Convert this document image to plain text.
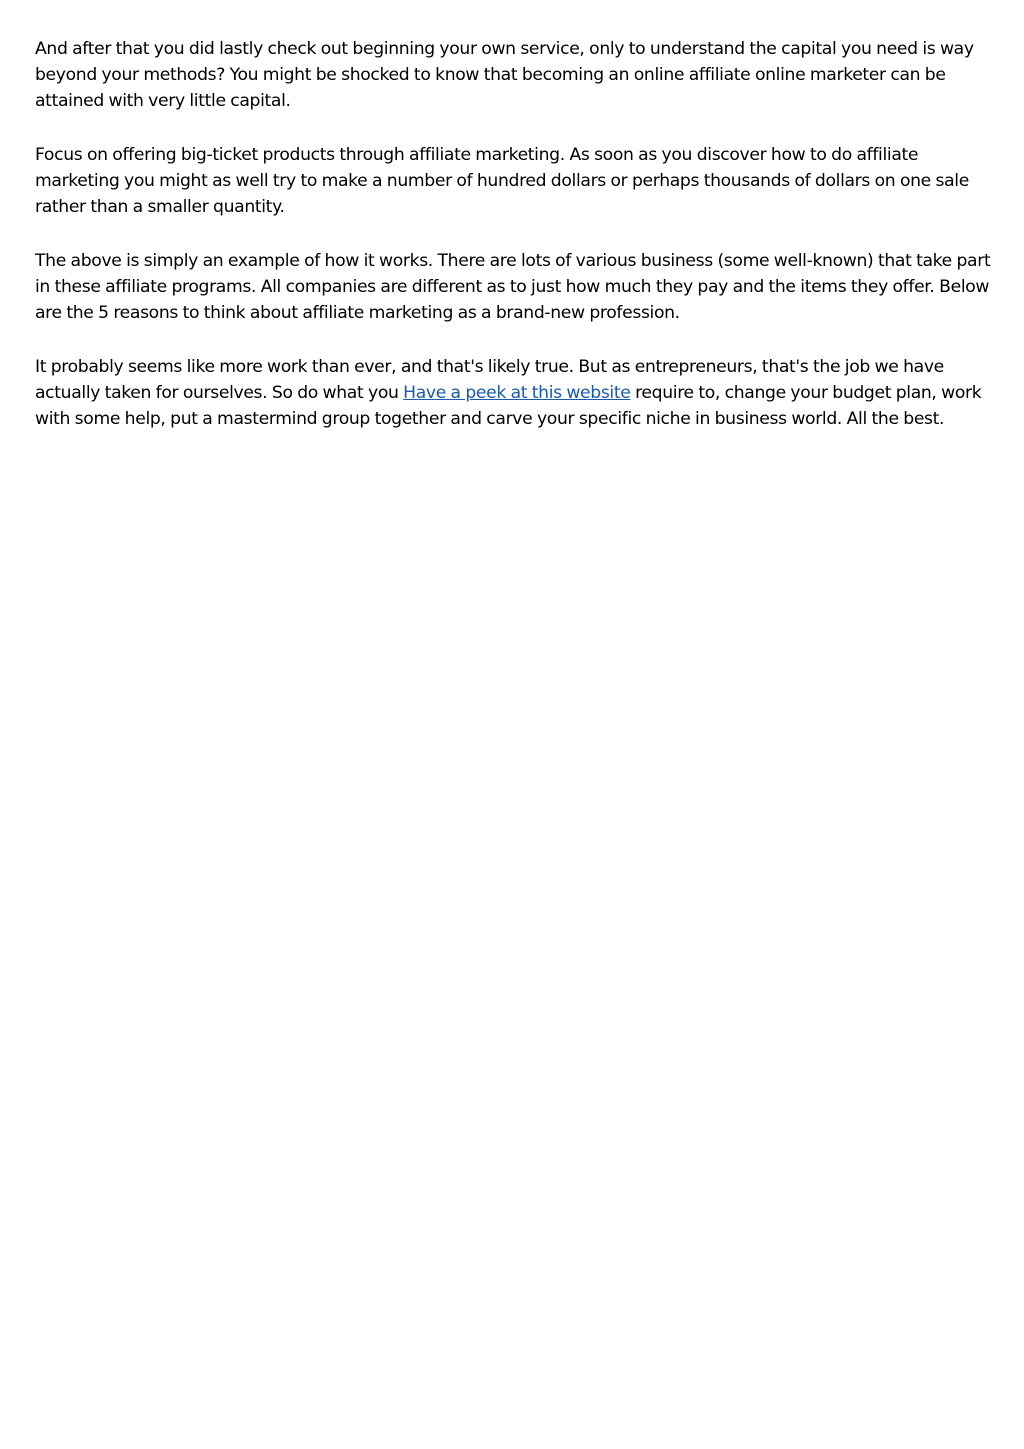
And after that you did lastly check out beginning your own service, only to understand the capital you need is way beyond your methods? You might be shocked to know that becoming an online affiliate online marketer can be attained with very little capital.

Focus on offering big-ticket products through affiliate marketing. As soon as you discover how to do affiliate marketing you might as well try to make a number of hundred dollars or perhaps thousands of dollars on one sale rather than a smaller quantity.

The above is simply an example of how it works. There are lots of various business (some well-known) that take part in these affiliate programs. All companies are different as to just how much they pay and the items they offer. Below are the 5 reasons to think about affiliate marketing as a brand-new profession.

It probably seems like more work than ever, and that's likely true. But as entrepreneurs, that's the job we have actually taken for ourselves. So do what you Have a peek at this website require to, change your budget plan, work with some help, put a mastermind group together and carve your specific niche in business world. All the best.
